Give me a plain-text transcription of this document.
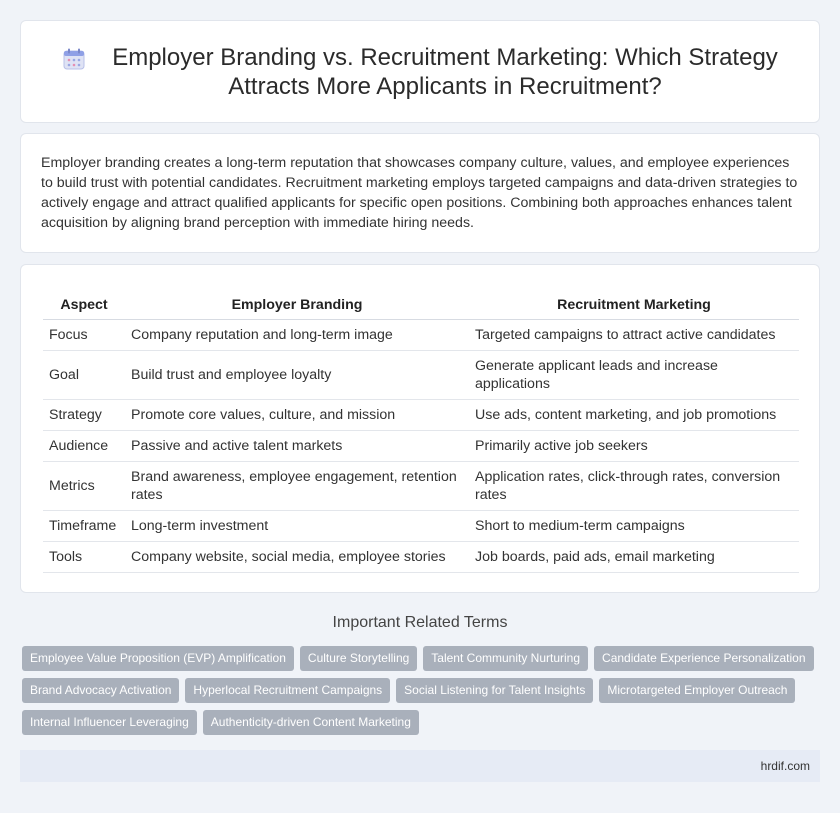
Employer Branding vs. Recruitment Marketing: Which Strategy
Attracts More Applicants in Recruitment?

Employer branding creates a long-term reputation that showcases company culture, values, and employee experiences to build trust with potential candidates. Recruitment marketing employs targeted campaigns and data-driven strategies to actively engage and attract qualified applicants for specific open positions. Combining both approaches enhances talent acquisition by aligning brand perception with immediate hiring needs.

Aspect	Employer Branding	Recruitment Marketing
Focus	Company reputation and long-term image	Targeted campaigns to attract active candidates
Goal	Build trust and employee loyalty	Generate applicant leads and increase applications
Strategy	Promote core values, culture, and mission	Use ads, content marketing, and job promotions
Audience	Passive and active talent markets	Primarily active job seekers
Metrics	Brand awareness, employee engagement, retention rates	Application rates, click-through rates, conversion rates
Timeframe	Long-term investment	Short to medium-term campaigns
Tools	Company website, social media, employee stories	Job boards, paid ads, email marketing
Important Related Terms
Employee Value Proposition (EVP) Amplification Culture Storytelling Talent Community Nurturing Candidate Experience Personalization
Brand Advocacy Activation Hyperlocal Recruitment Campaigns Social Listening for Talent Insights Microtargeted Employer Outreach
Internal Influencer Leveraging Authenticity-driven Content Marketing
hrdif.com
